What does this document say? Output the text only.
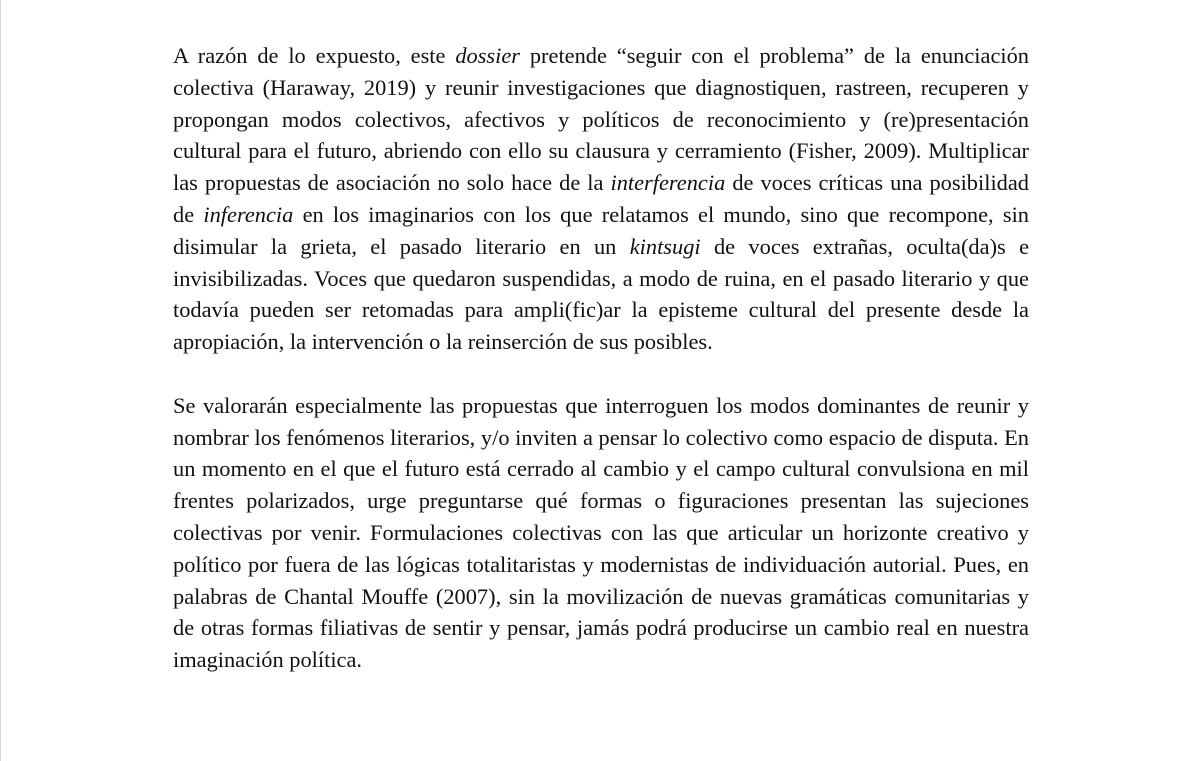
A razón de lo expuesto, este dossier pretende “seguir con el problema” de la enunciación colectiva (Haraway, 2019) y reunir investigaciones que diagnostiquen, rastreen, recuperen y propongan modos colectivos, afectivos y políticos de reconocimiento y (re)presentación cultural para el futuro, abriendo con ello su clausura y cerramiento (Fisher, 2009). Multiplicar las propuestas de asociación no solo hace de la interferencia de voces críticas una posibilidad de inferencia en los imaginarios con los que relatamos el mundo, sino que recompone, sin disimular la grieta, el pasado literario en un kintsugi de voces extrañas, oculta(da)s e invisibilizadas. Voces que quedaron suspendidas, a modo de ruina, en el pasado literario y que todavía pueden ser retomadas para ampli(fic)ar la episteme cultural del presente desde la apropiación, la intervención o la reinserción de sus posibles.

Se valorarán especialmente las propuestas que interroguen los modos dominantes de reunir y nombrar los fenómenos literarios, y/o inviten a pensar lo colectivo como espacio de disputa. En un momento en el que el futuro está cerrado al cambio y el campo cultural convulsiona en mil frentes polarizados, urge preguntarse qué formas o figuraciones presentan las sujeciones colectivas por venir. Formulaciones colectivas con las que articular un horizonte creativo y político por fuera de las lógicas totalitaristas y modernistas de individuación autorial. Pues, en palabras de Chantal Mouffe (2007), sin la movilización de nuevas gramáticas comunitarias y de otras formas filiativas de sentir y pensar, jamás podrá producirse un cambio real en nuestra imaginación política.
